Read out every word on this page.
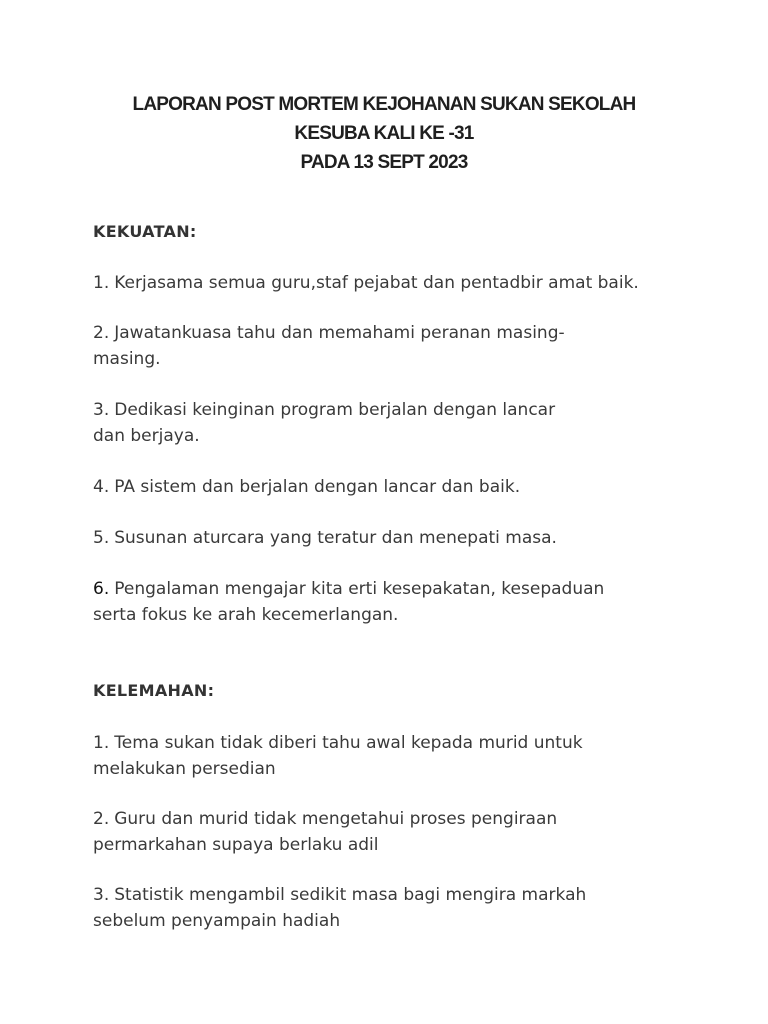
LAPORAN POST MORTEM KEJOHANAN SUKAN SEKOLAH
KESUBA KALI KE -31
PADA 13 SEPT 2023

KEKUATAN:

1. Kerjasama semua guru,staf pejabat dan pentadbir amat baik.

2. Jawatankuasa tahu dan memahami peranan masing-

masing.

3. Dedikasi keinginan program berjalan dengan lancar

dan berjaya.

4. PA sistem dan berjalan dengan lancar dan baik.

5. Susunan aturcara yang teratur dan menepati masa.

6. Pengalaman mengajar kita erti kesepakatan, kesepaduan

serta fokus ke arah kecemerlangan.

KELEMAHAN:

1. Tema sukan tidak diberi tahu awal kepada murid untuk

melakukan persedian

2. Guru dan murid tidak mengetahui proses pengiraan

permarkahan supaya berlaku adil

3. Statistik mengambil sedikit masa bagi mengira markah

sebelum penyampain hadiah
